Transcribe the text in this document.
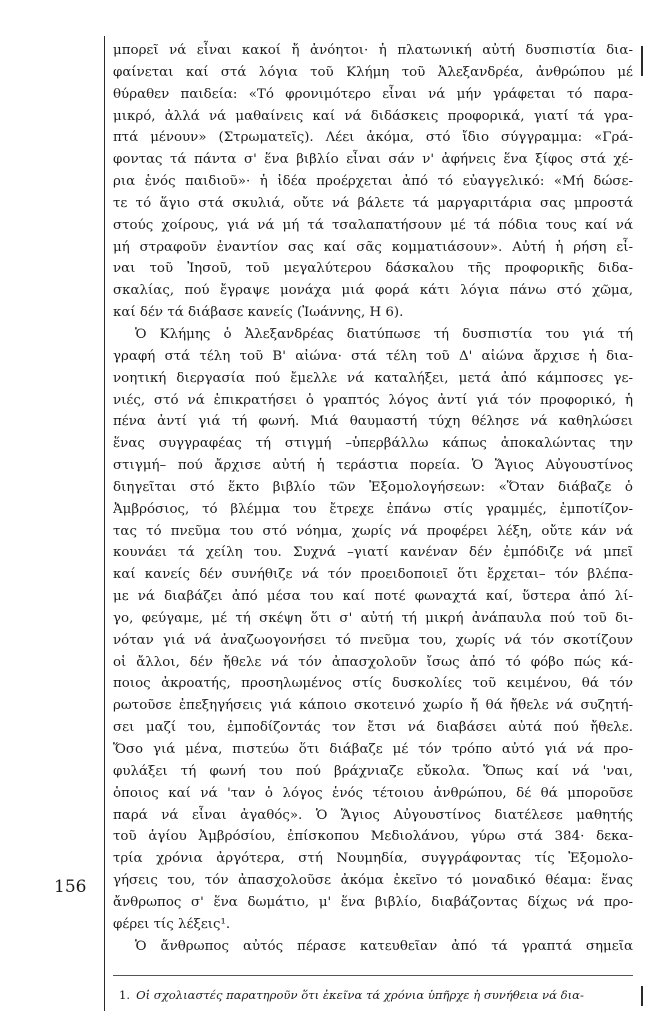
μπορεῖ νά εἶναι κακοί ἤ ἀνόητοι· ἡ πλατωνική αὐτή δυσπιστία δια-
φαίνεται καί στά λόγια τοῦ Κλήμη τοῦ Ἀλεξανδρέα, ἀνθρώπου μέ
θύραθεν παιδεία: «Τό φρονιμότερο εἶναι νά μήν γράφεται τό παρα-
μικρό, ἀλλά νά μαθαίνεις καί νά διδάσκεις προφορικά, γιατί τά γρα-
πτά μένουν» (Στρωματεῖς). Λέει ἀκόμα, στό ἴδιο σύγγραμμα: «Γρά-
φοντας τά πάντα σ' ἕνα βιβλίο εἶναι σάν ν' ἀφήνεις ἕνα ξίφος στά χέ-
ρια ἑνός παιδιοῦ»· ἡ ἰδέα προέρχεται ἀπό τό εὐαγγελικό: «Μή δώσε-
τε τό ἅγιο στά σκυλιά, οὔτε νά βάλετε τά μαργαριτάρια σας μπροστά
στούς χοίρους, γιά νά μή τά τσαλαπατήσουν μέ τά πόδια τους καί νά
μή στραφοῦν ἐναντίον σας καί σᾶς κομματιάσουν». Αὐτή ἡ ρήση εἶ-
ναι τοῦ Ἰησοῦ, τοῦ μεγαλύτερου δάσκαλου τῆς προφορικῆς διδα-
σκαλίας, πού ἔγραψε μονάχα μιά φορά κάτι λόγια πάνω στό χῶμα,
καί δέν τά διάβασε κανείς (Ἰωάννης, Η 6).
Ὁ Κλήμης ὁ Ἀλεξανδρέας διατύπωσε τή δυσπιστία του γιά τή
γραφή στά τέλη τοῦ Β' αἰώνα· στά τέλη τοῦ Δ' αἰώνα ἄρχισε ἡ δια-
νοητική διεργασία πού ἔμελλε νά καταλήξει, μετά ἀπό κάμποσες γε-
νιές, στό νά ἐπικρατήσει ὁ γραπτός λόγος ἀντί γιά τόν προφορικό, ἡ
πένα ἀντί γιά τή φωνή. Μιά θαυμαστή τύχη θέλησε νά καθηλώσει
ἕνας συγγραφέας τή στιγμή –ὑπερβάλλω κάπως ἀποκαλώντας την
στιγμή– πού ἄρχισε αὐτή ἡ τεράστια πορεία. Ὁ Ἅγιος Αὐγουστίνος
διηγεῖται στό ἕκτο βιβλίο τῶν Ἐξομολογήσεων: «Ὅταν διάβαζε ὁ
Ἀμβρόσιος, τό βλέμμα του ἔτρεχε ἐπάνω στίς γραμμές, ἐμποτίζον-
τας τό πνεῦμα του στό νόημα, χωρίς νά προφέρει λέξη, οὔτε κάν νά
κουνάει τά χείλη του. Συχνά –γιατί κανέναν δέν ἐμπόδιζε νά μπεῖ
καί κανείς δέν συνήθιζε νά τόν προειδοποιεῖ ὅτι ἔρχεται– τόν βλέπα-
με νά διαβάζει ἀπό μέσα του καί ποτέ φωναχτά καί, ὕστερα ἀπό λί-
γο, φεύγαμε, μέ τή σκέψη ὅτι σ' αὐτή τή μικρή ἀνάπαυλα πού τοῦ δι-
νόταν γιά νά ἀναζωογονήσει τό πνεῦμα του, χωρίς νά τόν σκοτίζουν
οἱ ἄλλοι, δέν ἤθελε νά τόν ἀπασχολοῦν ἴσως ἀπό τό φόβο πώς κά-
ποιος ἀκροατής, προσηλωμένος στίς δυσκολίες τοῦ κειμένου, θά τόν
ρωτοῦσε ἐπεξηγήσεις γιά κάποιο σκοτεινό χωρίο ἤ θά ἤθελε νά συζητή-
σει μαζί του, ἐμποδίζοντάς τον ἔτσι νά διαβάσει αὐτά πού ἤθελε.
Ὅσο γιά μένα, πιστεύω ὅτι διάβαζε μέ τόν τρόπο αὐτό γιά νά προ-
φυλάξει τή φωνή του πού βράχνιαζε εὔκολα. Ὅπως καί νά 'ναι,
ὁποιος καί νά 'ταν ὁ λόγος ἑνός τέτοιου ἀνθρώπου, δέ θά μποροῦσε
παρά νά εἶναι ἀγαθός». Ὁ Ἅγιος Αὐγουστίνος διατέλεσε μαθητής
τοῦ ἁγίου Ἀμβρόσίου, ἐπίσκοπου Μεδιολάνου, γύρω στά 384· δεκα-
τρία χρόνια ἀργότερα, στή Νουμηδία, συγγράφοντας τίς Ἐξομολο-
γήσεις του, τόν ἀπασχολοῦσε ἀκόμα ἐκεῖνο τό μοναδικό θέαμα: ἕνας
ἄνθρωπος σ' ἕνα δωμάτιο, μ' ἕνα βιβλίο, διαβάζοντας δίχως νά προ-
φέρει τίς λέξεις¹.
Ὁ ἄνθρωπος αὐτός πέρασε κατευθεῖαν ἀπό τά γραπτά σημεῖα
156
1. Οἱ σχολιαστές παρατηροῦν ὅτι ἐκεῖνα τά χρόνια ὑπῆρχε ἡ συνήθεια νά δια-
